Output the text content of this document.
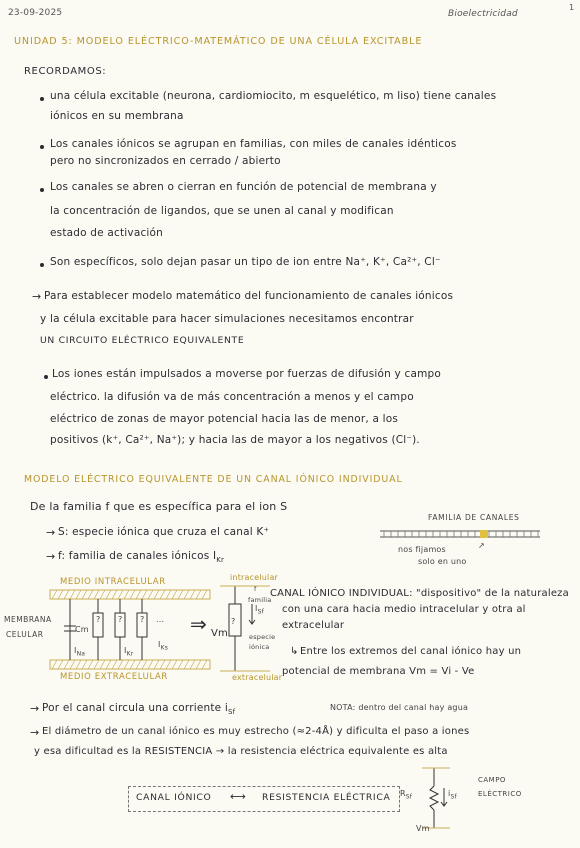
23-09-2025	Bioelectricidad
1
UNIDAD 5: MODELO ELÉCTRICO-MATEMÁTICO DE UNA CÉLULA EXCITABLE
RECORDAMOS:
una célula excitable (neurona, cardiomiocito, m esquelético, m liso) tiene canales
iónicos en su membrana
Los canales iónicos se agrupan en familias, con miles de canales idénticos
pero no sincronizados en cerrado / abierto
Los canales se abren o cierran en función de potencial de membrana y
la concentración de ligandos, que se unen al canal y modifican
estado de activación
Son específicos, solo dejan pasar un tipo de ion entre Na⁺, K⁺, Ca²⁺, Cl⁻
→ Para establecer modelo matemático del funcionamiento de canales iónicos
y la célula excitable para hacer simulaciones necesitamos encontrar
UN CIRCUITO ELÉCTRICO EQUIVALENTE
Los iones están impulsados a moverse por fuerzas de difusión y campo
eléctrico. la difusión va de más concentración a menos y el campo
eléctrico de zonas de mayor potencial hacia las de menor, a los
positivos (k⁺, Ca²⁺, Na⁺); y hacia las de mayor a los negativos (Cl⁻).
MODELO ELÉCTRICO EQUIVALENTE DE UN CANAL IÓNICO INDIVIDUAL
De la familia f que es específica para el ion S
→ S: especie iónica que cruza el canal K⁺
→ f: familia de canales iónicos $I_{Kr}$
FAMILIA DE CANALES
nos fijamos	↗
solo en uno
MEDIO INTRACELULAR
MEMBRANA
CELULAR
Cm
? ? ? ...
$I_{Na}$	$I_{Kr}$
$I_{Ks}$
MEDIO EXTRACELULAR
⇒
intracelular
?
$I_{Sf}$
familia
f
especie
iónica
Vm
extracelular
CANAL IÓNICO INDIVIDUAL: "dispositivo" de la naturaleza
con una cara hacia medio intracelular y otra al
extracelular
↳ Entre los extremos del canal iónico hay un
potencial de membrana Vm = Vi - Ve
→ Por el canal circula una corriente $i_{Sf}$
NOTA: dentro del canal hay agua
→ El diámetro de un canal iónico es muy estrecho (≈2-4Å) y dificulta el paso a iones
y esa dificultad es la RESISTENCIA → la resistencia eléctrica equivalente es alta
CANAL IÓNICO ⟷ RESISTENCIA ELÉCTRICA $R_{Sf}$	$i_{Sf}$
Vm
CAMPO
ELÉCTRICO
